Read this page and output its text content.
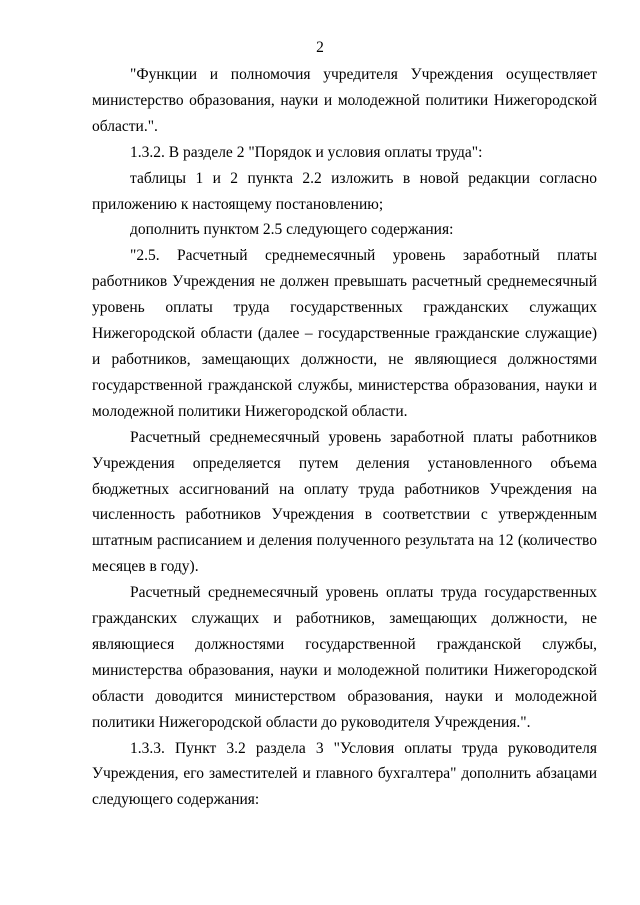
2

"Функции и полномочия учредителя Учреждения осуществляет министерство образования, науки и молодежной политики Нижегородской области.".

1.3.2. В разделе 2 "Порядок и условия оплаты труда":

таблицы 1 и 2 пункта 2.2 изложить в новой редакции согласно приложению к настоящему постановлению;

дополнить пунктом 2.5 следующего содержания:

"2.5. Расчетный среднемесячный уровень заработный платы работников Учреждения не должен превышать расчетный среднемесячный уровень оплаты труда государственных гражданских служащих Нижегородской области (далее – государственные гражданские служащие) и работников, замещающих должности, не являющиеся должностями государственной гражданской службы, министерства образования, науки и молодежной политики Нижегородской области.

Расчетный среднемесячный уровень заработной платы работников Учреждения определяется путем деления установленного объема бюджетных ассигнований на оплату труда работников Учреждения на численность работников Учреждения в соответствии с утвержденным штатным расписанием и деления полученного результата на 12 (количество месяцев в году).

Расчетный среднемесячный уровень оплаты труда государственных гражданских служащих и работников, замещающих должности, не являющиеся должностями государственной гражданской службы, министерства образования, науки и молодежной политики Нижегородской области доводится министерством образования, науки и молодежной политики Нижегородской области до руководителя Учреждения.".

1.3.3. Пункт 3.2 раздела 3 "Условия оплаты труда руководителя Учреждения, его заместителей и главного бухгалтера" дополнить абзацами следующего содержания:
